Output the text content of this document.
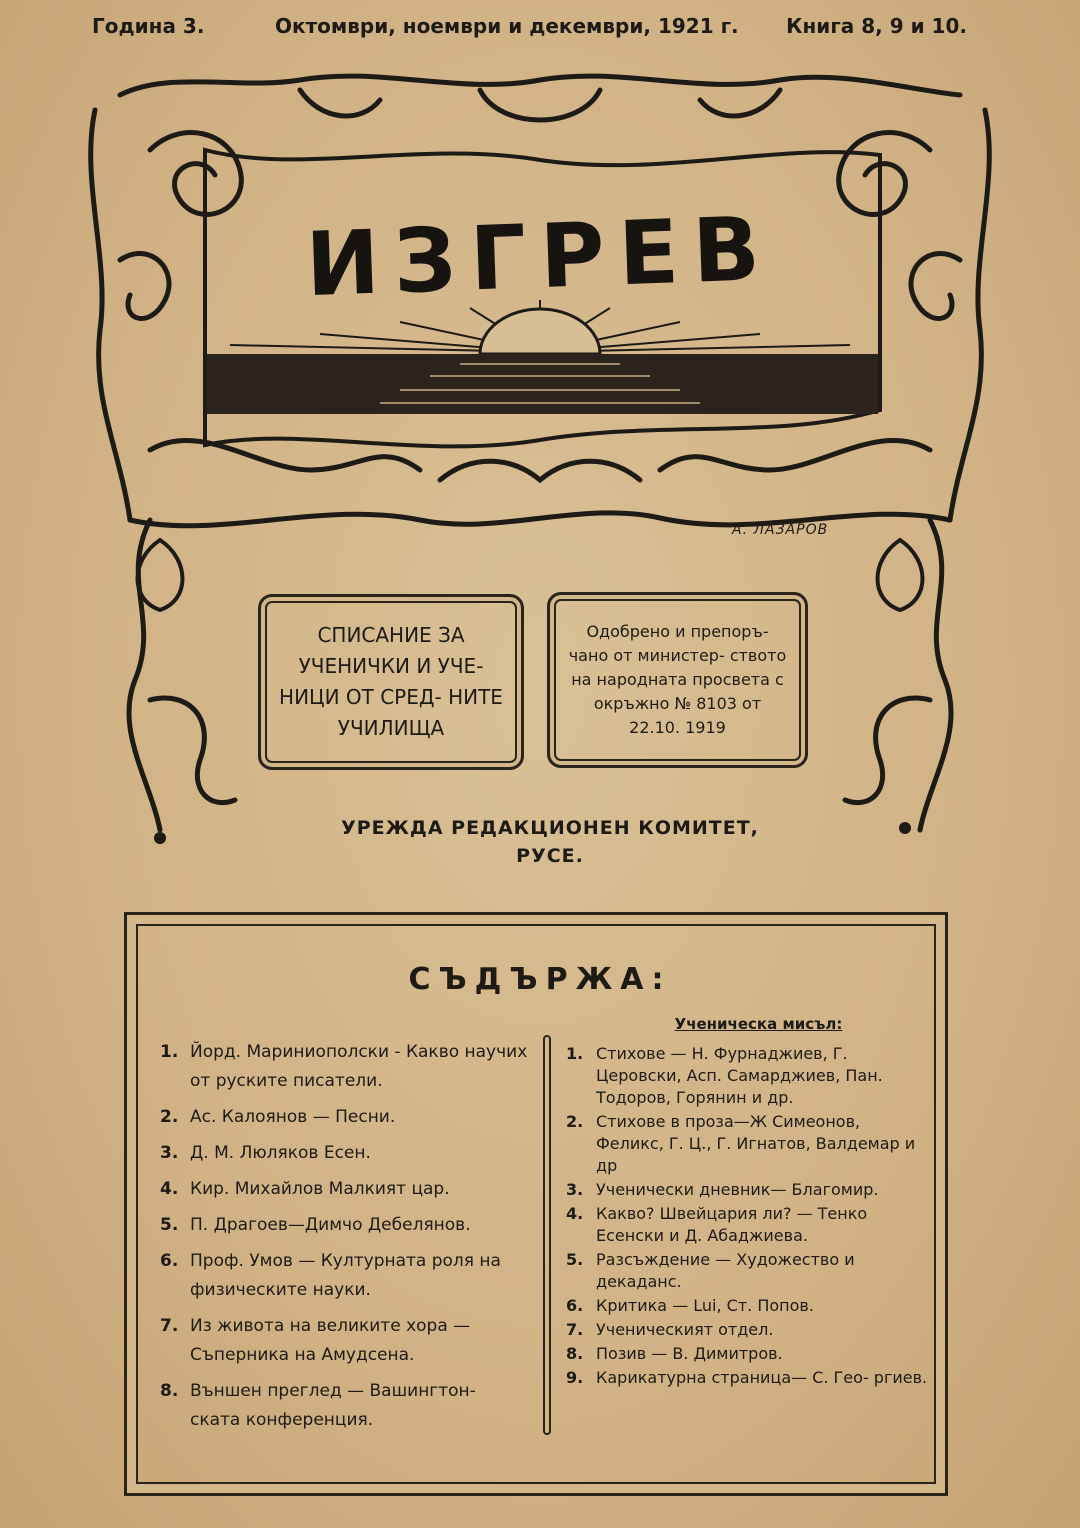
Година 3.	Октомври, ноември и декември, 1921 г. Книга 8, 9 и 10.
ИЗГРЕВ
А. ЛАЗАРОВ
СПИСАНИЕ ЗА УЧЕНИЧКИ И УЧЕ- НИЦИ ОТ СРЕД- НИТЕ УЧИЛИЩА
Одобрено и препоръ- чано от министер- ството на народната просвета с окръжно № 8103 от 22.10. 1919
УРЕЖДА РЕДАКЦИОНЕН КОМИТЕТ,
РУСЕ.
СЪДЪРЖА:
1. Йорд. Мариниополски - Какво научих от руските писатели.
2. Ас. Калоянов — Песни.
3. Д. М. Люляков Есен.
4. Кир. Михайлов Малкият цар.
5. П. Драгоев—Димчо Дебелянов.
6. Проф. Умов — Културната роля на физическите науки.
7. Из живота на великите хора — Съперника на Амудсена.
8. Външен преглед — Вашингтон- ската конференция.
Ученическа мисъл:
1. Стихове — Н. Фурнаджиев, Г. Церовски, Асп. Самарджиев, Пан. Тодоров, Горянин и др.
2. Стихове в проза—Ж Симеонов, Феликс, Г. Ц., Г. Игнатов, Валдемар и др
3. Ученически дневник— Благомир.
4. Какво? Швейцария ли? — Тенко Есенски и Д. Абаджиева.
5. Разсъждение — Художество и декаданс.
6. Критика — Lui, Ст. Попов.
7. Ученическият отдел.
8. Позив — В. Димитров.
9. Карикатурна страница— С. Гео- ргиев.
